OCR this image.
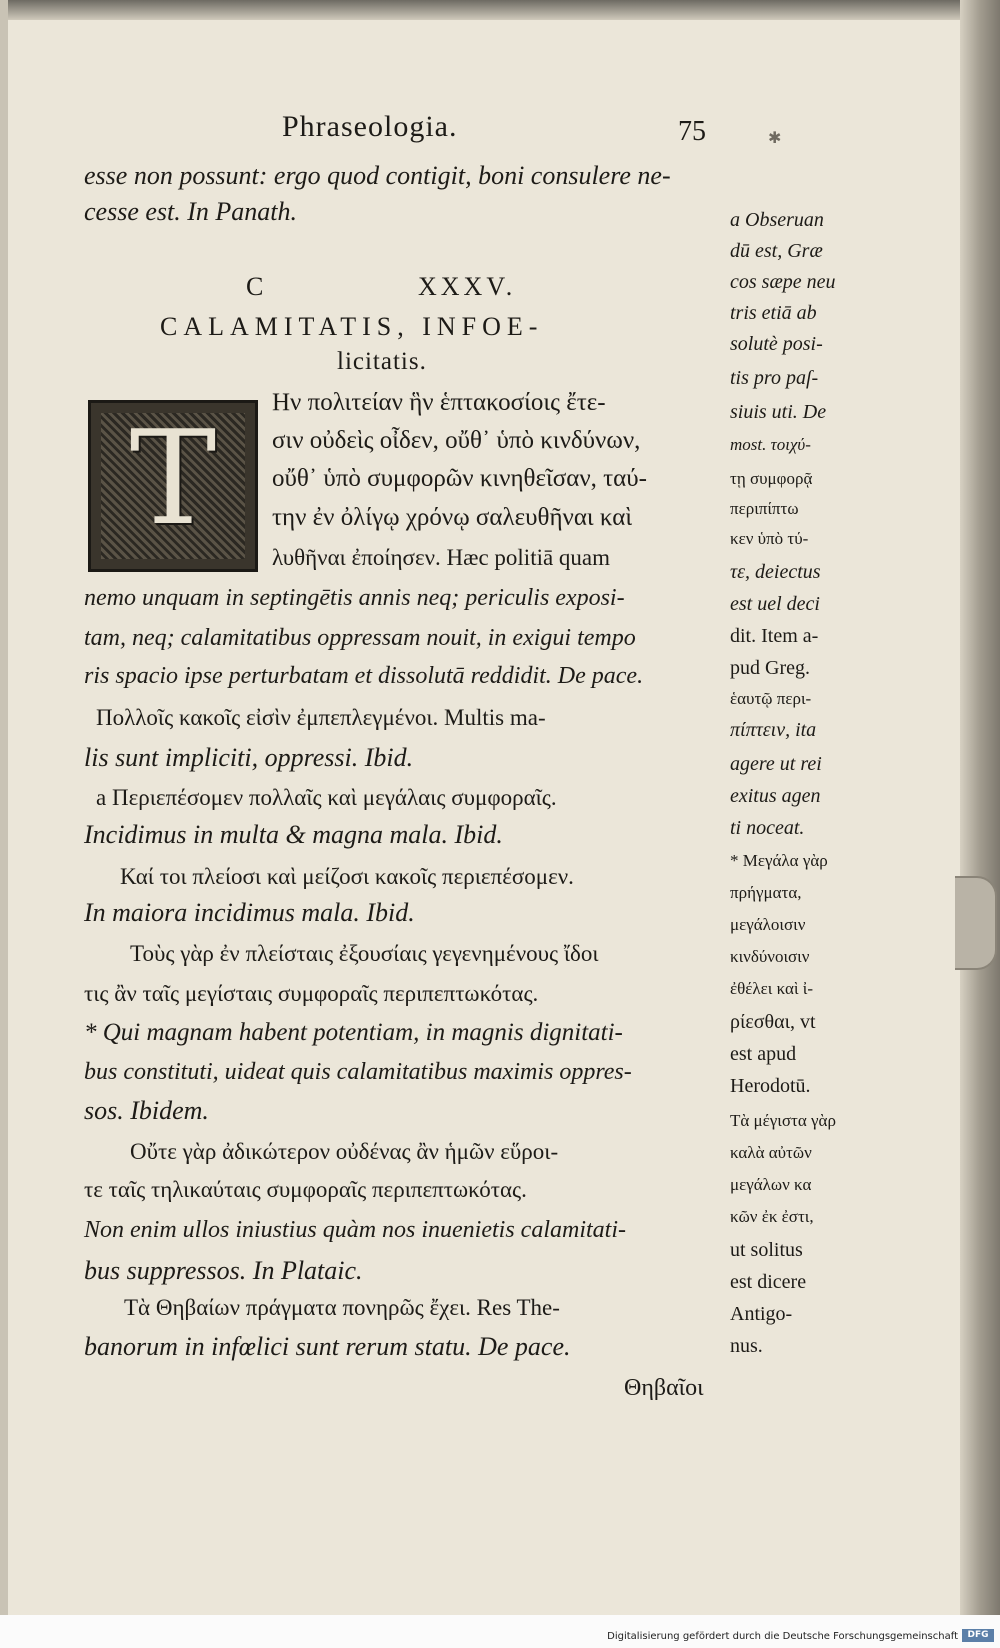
Phraseologia.	75	✱
esse non possunt: ergo quod contigit, boni consulere ne-
cesse est. In Panath.
C	XXXV.
CALAMITATIS, INFOE-
licitatis.
T	Ην πολιτείαν ἣν ἑπτακοσίοις ἔτε-
σιν οὐδεὶς οἶδεν, οὔθ᾿ ὑπὸ κινδύνων,
οὔθ᾿ ὑπὸ συμφορῶν κινηθεῖσαν, ταύ-
την ἐν ὀλίγῳ χρόνῳ σαλευθῆναι καὶ
λυθῆναι ἐποίησεν. Hæc politiā quam
nemo unquam in septingētis annis neq; periculis exposi-
tam, neq; calamitatibus oppressam nouit, in exigui tempo
ris spacio ipse perturbatam et dissolutā reddidit. De pace.
Πολλοῖς κακοῖς εἰσὶν ἐμπεπλεγμένοι. Multis ma-
lis sunt impliciti, oppressi. Ibid.
a Περιεπέσομεν πολλαῖς καὶ μεγάλαις συμφοραῖς.
Incidimus in multa & magna mala. Ibid.
Καί τοι πλείοσι καὶ μείζοσι κακοῖς περιεπέσομεν.
In maiora incidimus mala. Ibid.
Τοὺς γὰρ ἐν πλείσταις ἐξουσίαις γεγενημένους ἴδοι
τις ἂν ταῖς μεγίσταις συμφοραῖς περιπεπτωκότας.
* Qui magnam habent potentiam, in magnis dignitati-
bus constituti, uideat quis calamitatibus maximis oppres-
sos. Ibidem.
Οὔτε γὰρ ἀδικώτερον οὐδένας ἂν ἡμῶν εὕροι-
τε ταῖς τηλικαύταις συμφοραῖς περιπεπτωκότας.
Non enim ullos iniustius quàm nos inuenietis calamitati-
bus suppressos. In Plataic.
Τὰ Θηβαίων πράγματα πονηρῶς ἔχει. Res The-
banorum in infœlici sunt rerum statu. De pace.
Θηβαῖοι
a Obseruan
dū est, Græ
cos sæpe neu
tris etiā ab
solutè posi-
tis pro paſ-
siuis uti. De
most. τοιχύ-
τῃ συμφορᾷ
περιπίπτω
κεν ὑπὸ τύ-
τε, deiectus
est uel deci
dit. Item a-
pud Greg.
ἑαυτῷ περι-
πίπτειν, ita
agere ut rei
exitus agen
ti noceat.
* Μεγάλα γὰρ
πρήγματα,
μεγάλοισιν
κινδύνοισιν
ἐθέλει καὶ ἰ-
ρίεσθαι, vt
est apud
Herodotū.
Τὰ μέγιστα γὰρ
καλὰ αὐτῶν
μεγάλων κα
κῶν ἐκ ἐστι,
ut solitus
est dicere
Antigo-
nus.
Digitalisierung gefördert durch die Deutsche Forschungsgemeinschaft	DFG
